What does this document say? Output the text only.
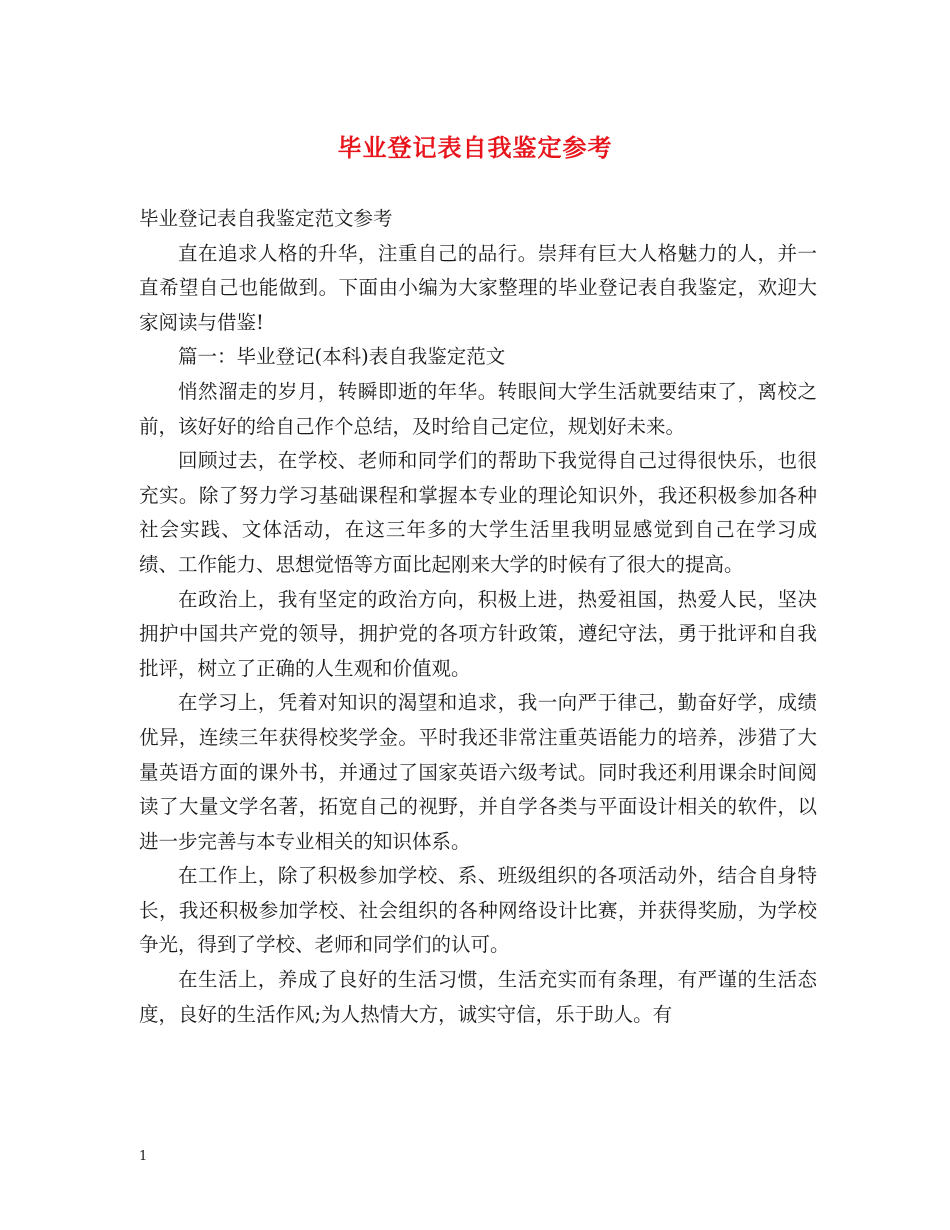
毕业登记表自我鉴定参考

毕业登记表自我鉴定范文参考

直在追求人格的升华，注重自己的品行。崇拜有巨大人格魅力的人，并一直希望自己也能做到。下面由小编为大家整理的毕业登记表自我鉴定，欢迎大家阅读与借鉴!

篇一：毕业登记(本科)表自我鉴定范文

悄然溜走的岁月，转瞬即逝的年华。转眼间大学生活就要结束了，离校之前，该好好的给自己作个总结，及时给自己定位，规划好未来。

回顾过去，在学校、老师和同学们的帮助下我觉得自己过得很快乐，也很充实。除了努力学习基础课程和掌握本专业的理论知识外，我还积极参加各种社会实践、文体活动，在这三年多的大学生活里我明显感觉到自己在学习成绩、工作能力、思想觉悟等方面比起刚来大学的时候有了很大的提高。

在政治上，我有坚定的政治方向，积极上进，热爱祖国，热爱人民，坚决拥护中国共产党的领导，拥护党的各项方针政策，遵纪守法，勇于批评和自我批评，树立了正确的人生观和价值观。

在学习上，凭着对知识的渴望和追求，我一向严于律己，勤奋好学，成绩优异，连续三年获得校奖学金。平时我还非常注重英语能力的培养，涉猎了大量英语方面的课外书，并通过了国家英语六级考试。同时我还利用课余时间阅读了大量文学名著，拓宽自己的视野，并自学各类与平面设计相关的软件，以进一步完善与本专业相关的知识体系。

在工作上，除了积极参加学校、系、班级组织的各项活动外，结合自身特长，我还积极参加学校、社会组织的各种网络设计比赛，并获得奖励，为学校争光，得到了学校、老师和同学们的认可。

在生活上，养成了良好的生活习惯，生活充实而有条理，有严谨的生活态度，良好的生活作风;为人热情大方，诚实守信，乐于助人。有

1
